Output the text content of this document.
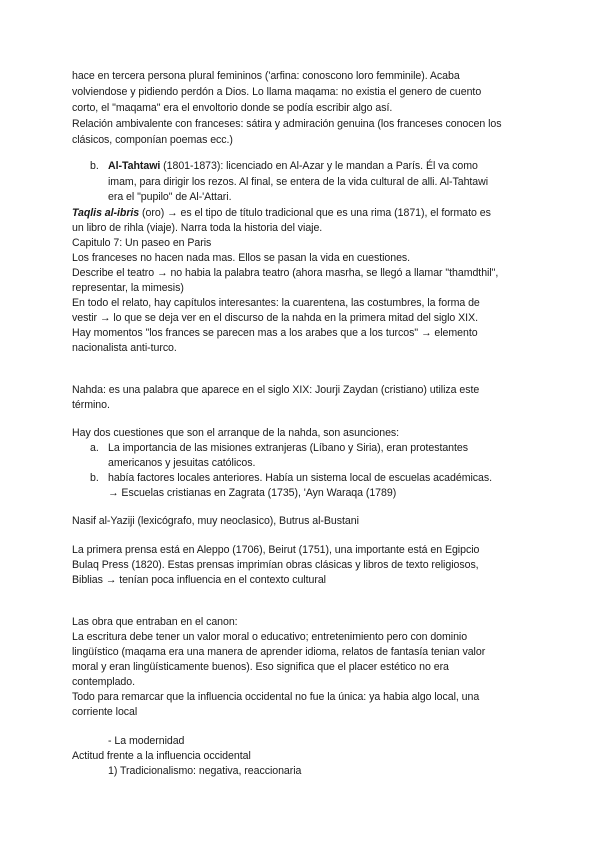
hace en tercera persona plural femininos ('arfina: conoscono loro femminile). Acaba
volviendose y pidiendo perdón a Dios. Lo llama maqama: no existia el genero de cuento
corto, el "maqama" era el envoltorio donde se podía escribir algo así.
Relación ambivalente con franceses: sátira y admiración genuina (los franceses conocen los
clásicos, componían poemas ecc.)
b. Al-Tahtawi (1801-1873): licenciado en Al-Azar y le mandan a París. Él va como
imam, para dirigir los rezos. Al final, se entera de la vida cultural de alli. Al-Tahtawi
era el "pupilo" de Al-'Attari.
Taqlis al-ibris (oro) → es el tipo de título tradicional que es una rima (1871), el formato es
un libro de rihla (viaje). Narra toda la historia del viaje.
Capitulo 7: Un paseo en Paris
Los franceses no hacen nada mas. Ellos se pasan la vida en cuestiones.
Describe el teatro → no habia la palabra teatro (ahora masrha, se llegó a llamar "thamdthil",
representar, la mimesis)
En todo el relato, hay capítulos interesantes: la cuarentena, las costumbres, la forma de
vestir → lo que se deja ver en el discurso de la nahda en la primera mitad del siglo XIX.
Hay momentos "los frances se parecen mas a los arabes que a los turcos" → elemento
nacionalista anti-turco.
Nahda: es una palabra que aparece en el siglo XIX: Jourji Zaydan (cristiano) utiliza este
término.
Hay dos cuestiones que son el arranque de la nahda, son asunciones:
a. La importancia de las misiones extranjeras (Líbano y Siria), eran protestantes
americanos y jesuitas católicos.
b. había factores locales anteriores. Había un sistema local de escuelas académicas.
→ Escuelas cristianas en Zagrata (1735), 'Ayn Waraqa (1789)
Nasif al-Yaziji (lexicógrafo, muy neoclasico), Butrus al-Bustani
La primera prensa está en Aleppo (1706), Beirut (1751), una importante está en Egipcio
Bulaq Press (1820). Estas prensas imprimían obras clásicas y libros de texto religiosos,
Biblias → tenían poca influencia en el contexto cultural
Las obra que entraban en el canon:
La escritura debe tener un valor moral o educativo; entretenimiento pero con dominio
lingüístico (maqama era una manera de aprender idioma, relatos de fantasía tenian valor
moral y eran lingüísticamente buenos). Eso significa que el placer estético no era
contemplado.
Todo para remarcar que la influencia occidental no fue la única: ya habia algo local, una
corriente local
- La modernidad
Actitud frente a la influencia occidental
1) Tradicionalismo: negativa, reaccionaria
